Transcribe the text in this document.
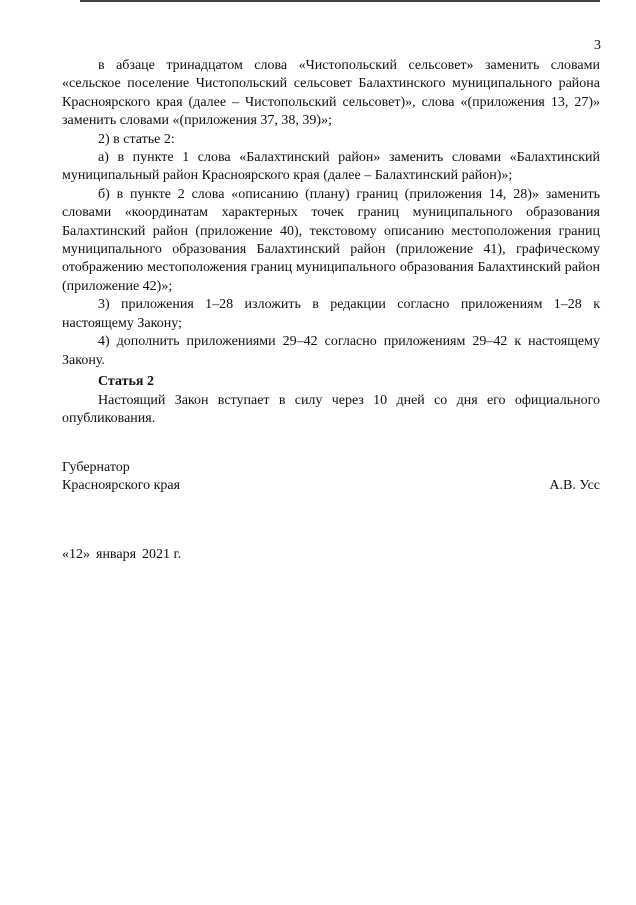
3

в абзаце тринадцатом слова «Чистопольский сельсовет» заменить словами «сельское поселение Чистопольский сельсовет Балахтинского муниципального района Красноярского края (далее – Чистопольский сельсовет)», слова «(приложения 13, 27)» заменить словами «(приложения 37, 38, 39)»;

2) в статье 2:

а) в пункте 1 слова «Балахтинский район» заменить словами «Балахтинский муниципальный район Красноярского края (далее – Балахтинский район)»;

б) в пункте 2 слова «описанию (плану) границ (приложения 14, 28)» заменить словами «координатам характерных точек границ муниципального образования Балахтинский район (приложение 40), текстовому описанию местоположения границ муниципального образования Балахтинский район (приложение 41), графическому отображению местоположения границ муниципального образования Балахтинский район (приложение 42)»;

3) приложения 1–28 изложить в редакции согласно приложениям 1–28 к настоящему Закону;

4) дополнить приложениями 29–42 согласно приложениям 29–42 к настоящему Закону.

Статья 2

Настоящий Закон вступает в силу через 10 дней со дня его официального опубликования.

Губернатор
Красноярского края	А.В. Усс
«12» января 2021 г.
